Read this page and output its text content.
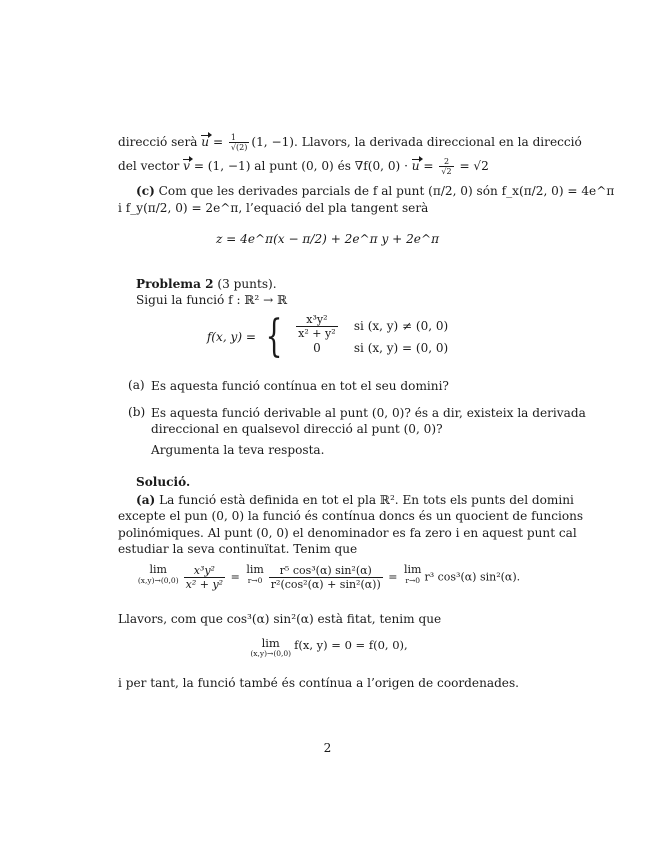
direcció serà $u = \frac{1}{√(2)} (1$, −1). Llavors, la derivada direccional en la direcció
del vector v = (1, −1) al punt (0, 0) és ∇f(0, $0) \cdot u = \frac{2}{√2} = √2$
(c) Com que les derivades parcials de f al punt (π/2, 0) són f_x(π/2, 0) = 4e^π
i f_y(π/2, 0) = 2e^π, l’equació del pla tangent serà
z = 4e^π(x − π/2) + 2e^π y + 2e^π
Problema 2 (3 punts).
Sigui la funció f : ℝ² → ℝ
f(x, y) = { $\frac{\text{x³y²}}{\text{x² + y²}}$ si (x, y) ≠ (0, 0)
0	si (x, y) = (0, 0)
(a) Es aquesta funció contínua en tot el seu domini?
(b) Es aquesta funció derivable al punt (0, 0)? és a dir, existeix la derivada
direccional en qualsevol direcció al punt (0, 0)?
Argumenta la teva resposta.
Solució.
(a) La funció està definida en tot el pla ℝ². En tots els punts del domini
excepte el pun (0, 0) la funció és contínua doncs és un quocient de funcions
polinómiques. Al punt (0, 0) el denominador es fa zero i en aquest punt cal
estudiar la seva continuïtat. Tenim que
lim
$(x,y)\to(0,0) \frac{\text{x³y²}}{\text{x² + y²}}$ =
lim
$r\to 0 \frac{\text{r⁵ cos³(α) sin²(α)}}{\text{r²(cos²(α) + sin²(α))}}$ =
lim
r→0 r³ cos³(α) sin²(α).
Llavors, com que cos³(α) sin²(α) està fitat, tenim que
lim
(x,y)→(0,0)
f(x, y) = 0 = f(0, 0),
i per tant, la funció també és contínua a l’origen de coordenades.
2
